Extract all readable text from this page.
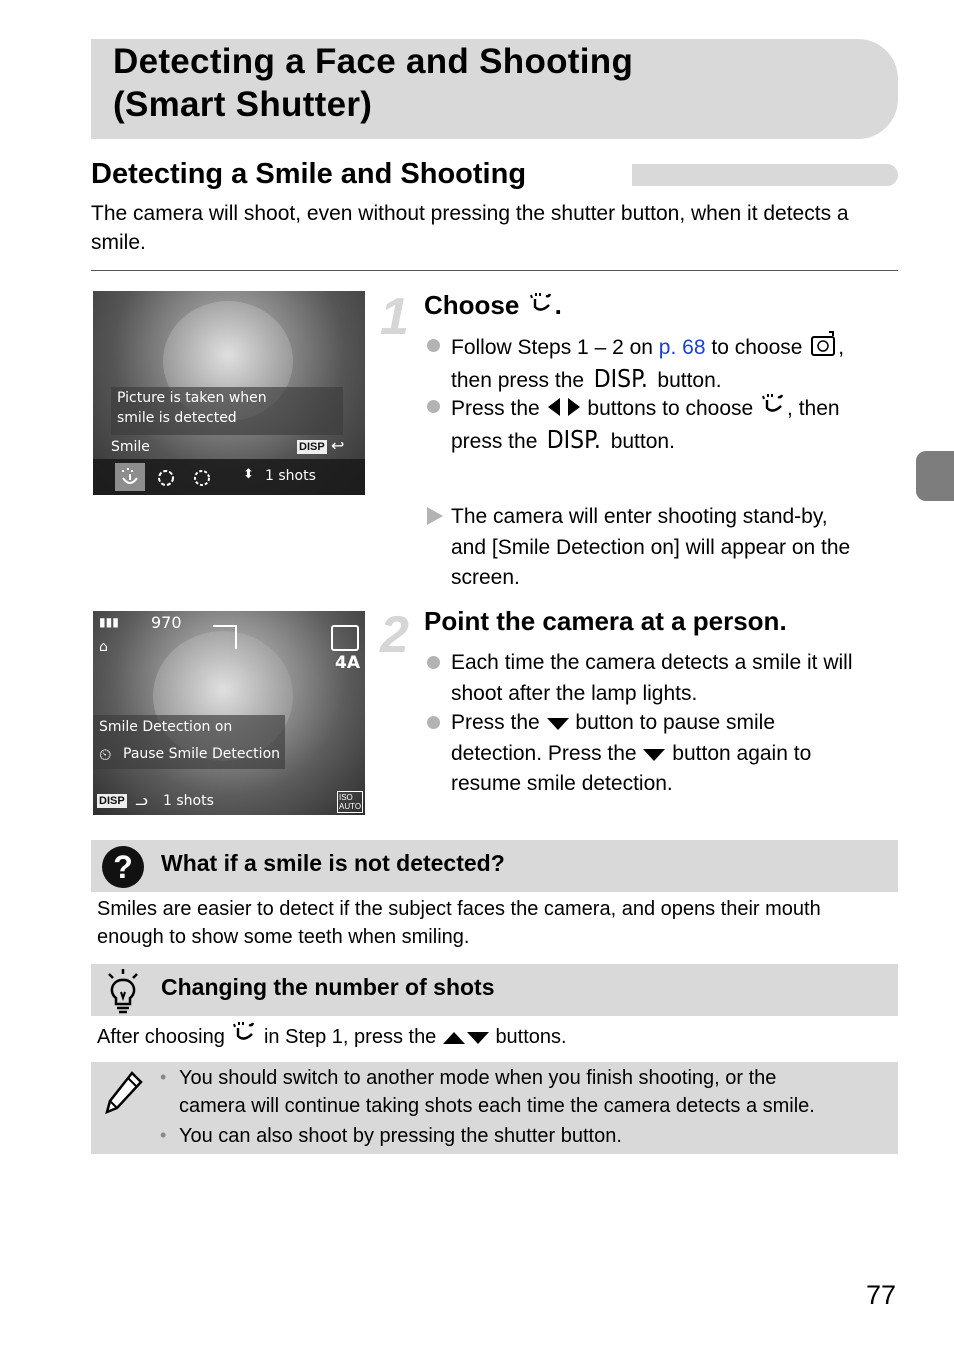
Detecting a Face and Shooting
(Smart Shutter)
Detecting a Smile and Shooting
The camera will shoot, even without pressing the shutter button, when it detects a smile.
Picture is taken when
smile is detected
Smile	DISP ↩
⬍ 1 shots
▮▮▮ 970
⌂
4A
Smile Detection on
⏲ Pause Smile Detection
DISP ᓗ 1 shots	ISO
AUTO
1 Choose .
Follow Steps 1 – 2 on p. 68 to choose ,
then press the DISP. button.
Press the buttons to choose , then
press the DISP. button.
The camera will enter shooting stand-by,
and [Smile Detection on] will appear on the
screen.
2 Point the camera at a person.
Each time the camera detects a smile it will
shoot after the lamp lights.
Press the button to pause smile
detection. Press the button again to
resume smile detection.
? What if a smile is not detected?
Smiles are easier to detect if the subject faces the camera, and opens their mouth
enough to show some teeth when smiling.
Changing the number of shots
After choosing in Step 1, press the	buttons.
• You should switch to another mode when you finish shooting, or the
camera will continue taking shots each time the camera detects a smile.
• You can also shoot by pressing the shutter button.
77
